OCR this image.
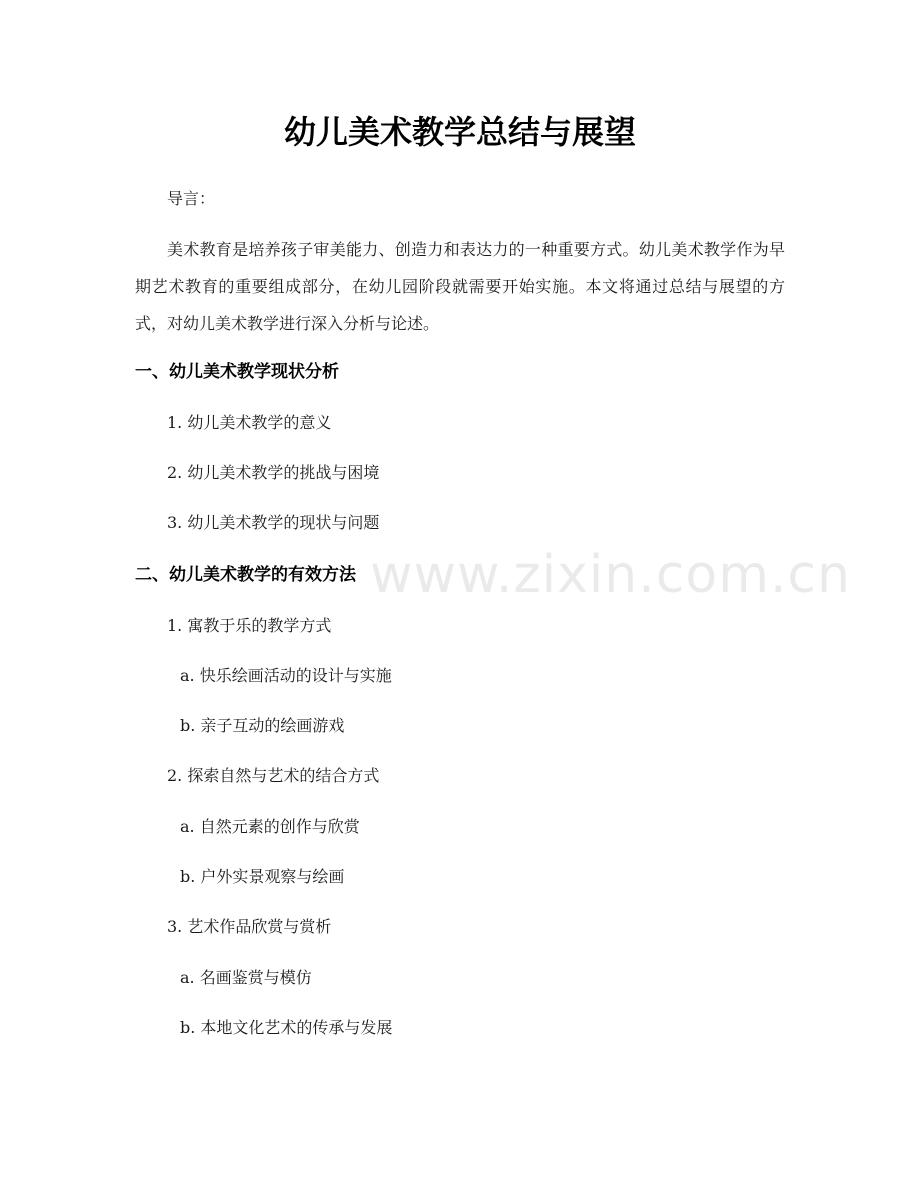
幼儿美术教学总结与展望

导言：

美术教育是培养孩子审美能力、创造力和表达力的一种重要方式。幼儿美术教学作为早期艺术教育的重要组成部分，在幼儿园阶段就需要开始实施。本文将通过总结与展望的方式，对幼儿美术教学进行深入分析与论述。

一、幼儿美术教学现状分析

1. 幼儿美术教学的意义

2. 幼儿美术教学的挑战与困境

3. 幼儿美术教学的现状与问题

二、幼儿美术教学的有效方法

1. 寓教于乐的教学方式

a. 快乐绘画活动的设计与实施

b. 亲子互动的绘画游戏

2. 探索自然与艺术的结合方式

a. 自然元素的创作与欣赏

b. 户外实景观察与绘画

3. 艺术作品欣赏与赏析

a. 名画鉴赏与模仿

b. 本地文化艺术的传承与发展

www.zixin.com.cn
